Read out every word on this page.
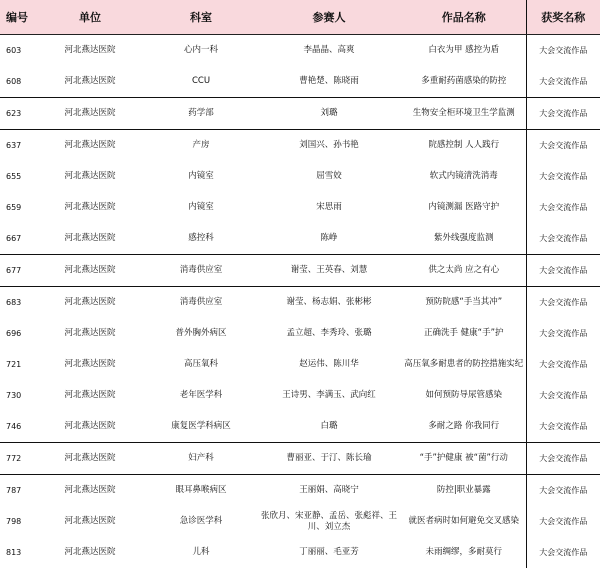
编号	单位	科室	参赛人	作品名称	获奖名称
603	河北燕达医院	心内一科	李晶晶、高爽	白衣为甲 感控为盾	大会交流作品
608	河北燕达医院	CCU	曹艳楚、陈晓雨	多重耐药菌感染的防控	大会交流作品
623	河北燕达医院	药学部	刘璐	生物安全柜环境卫生学监测	大会交流作品
637	河北燕达医院	产房	刘国兴、孙书艳	院感控制 人人践行	大会交流作品
655	河北燕达医院	内镜室	屈雪姣	软式内镜清洗消毒	大会交流作品
659	河北燕达医院	内镜室	宋思雨	内镜测漏 医路守护	大会交流作品
667	河北燕达医院	感控科	陈峥	紫外线强度监测	大会交流作品
677	河北燕达医院	消毒供应室	谢莹、王英春、刘慧	供之太尚 应之有心	大会交流作品
683	河北燕达医院	消毒供应室	谢莹、杨志娟、张彬彬	预防院感“手当其冲”	大会交流作品
696	河北燕达医院	普外胸外病区	孟立超、李秀玲、张璐	正确洗手 健康“手”护	大会交流作品
721	河北燕达医院	高压氧科	赵运伟、陈川华	高压氧多耐患者的防控措施实纪	大会交流作品
730	河北燕达医院	老年医学科	王诗男、李满玉、武向红	如何预防导尿管感染	大会交流作品
746	河北燕达医院	康复医学科病区	白璐	多耐之路 你我同行	大会交流作品
772	河北燕达医院	妇产科	曹丽亚、于汀、陈长瑜	“手”护健康 被“菌”行动	大会交流作品
787	河北燕达医院	眼耳鼻喉病区	王丽娟、高晓宁	防控|职业暴露	大会交流作品
798	河北燕达医院	急诊医学科	张欣月、宋亚静、孟岳、张彪祥、王川、刘立杰	就医者病时如何避免交叉感染	大会交流作品
813	河北燕达医院	儿科	丁丽丽、毛亚芳	未雨绸缪，多耐莫行	大会交流作品
